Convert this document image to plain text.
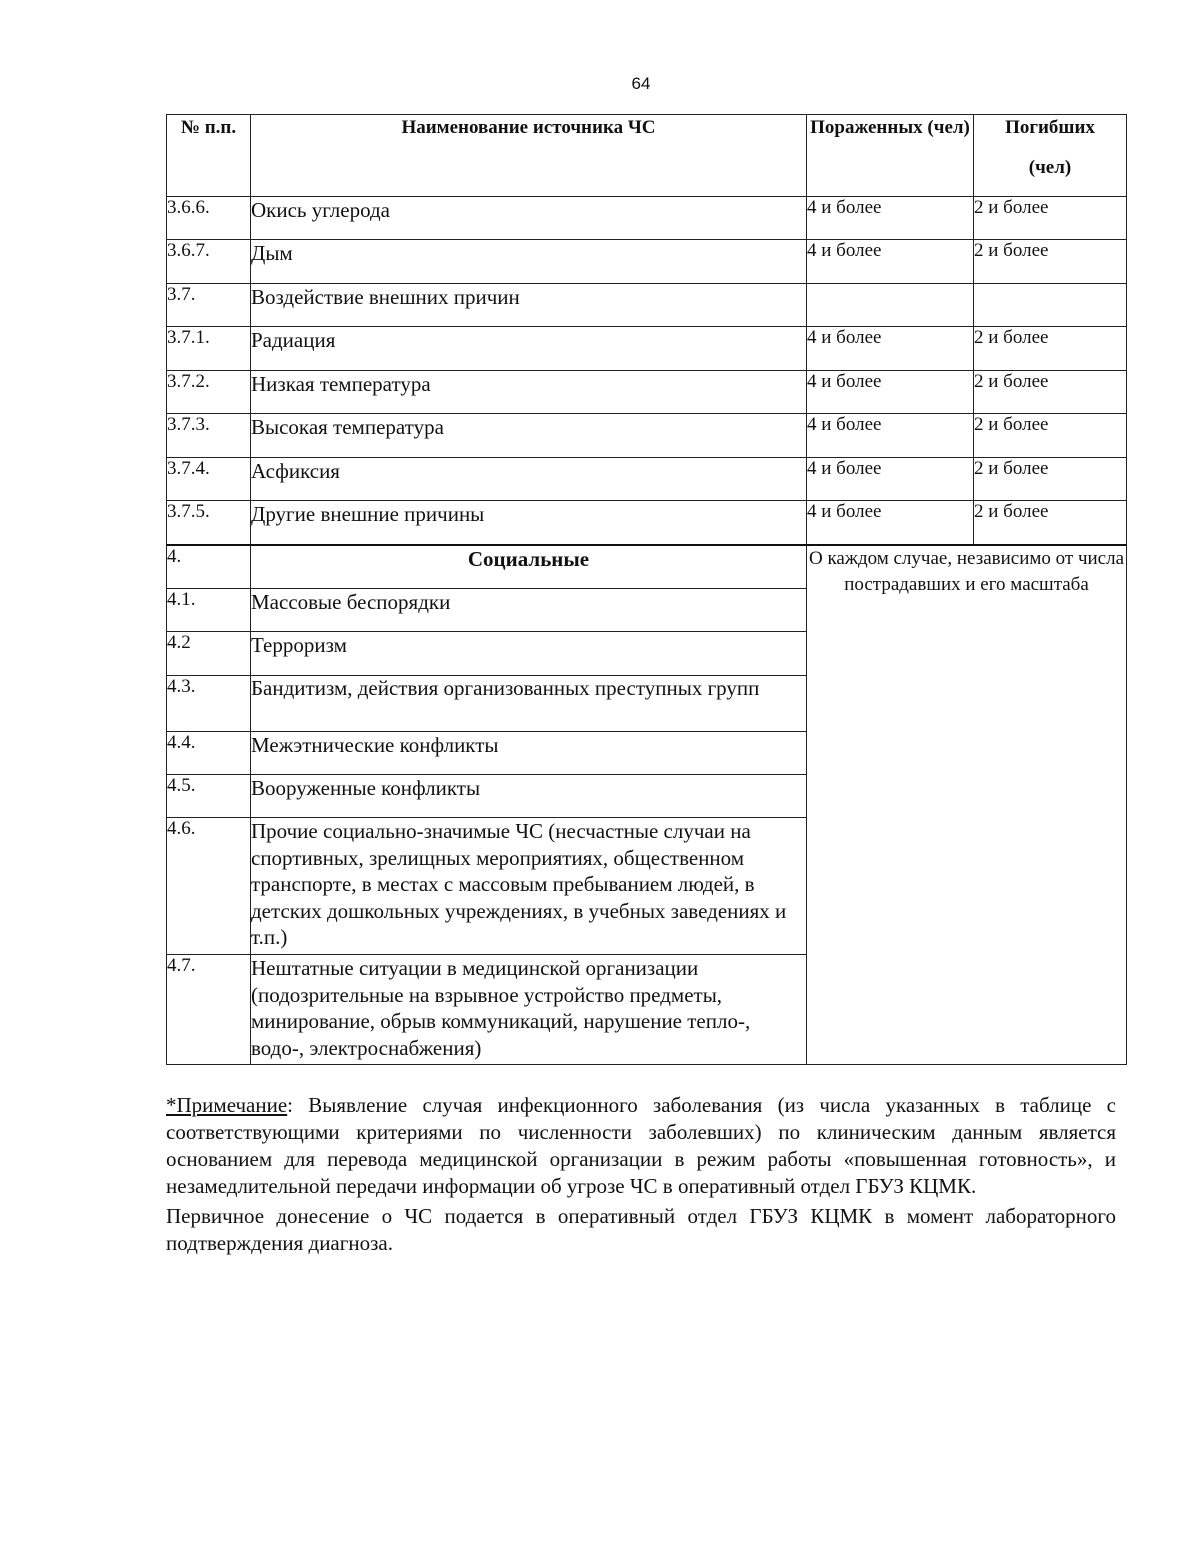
64
№ п.п.	Наименование источника ЧС	Пораженных (чел)	Погибших
(чел)

3.6.6.	Окись углерода	4 и более	2 и более
3.6.7.	Дым	4 и более	2 и более
3.7.	Воздействие внешних причин		
3.7.1.	Радиация	4 и более	2 и более
3.7.2.	Низкая температура	4 и более	2 и более
3.7.3.	Высокая температура	4 и более	2 и более
3.7.4.	Асфиксия	4 и более	2 и более
3.7.5.	Другие внешние причины	4 и более	2 и более
4.	Социальные	О каждом случае, независимо от числа пострадавших и его масштаба	
4.1.	Массовые беспорядки		
4.2	Терроризм		
4.3.	Бандитизм, действия организованных преступных групп		
4.4.	Межэтнические конфликты		
4.5.	Вооруженные конфликты		
4.6.	Прочие социально-значимые ЧС (несчастные случаи на спортивных, зрелищных мероприятиях, общественном транспорте, в местах с массовым пребыванием людей, в детских дошкольных учреждениях, в учебных заведениях и т.п.)		
4.7.	Нештатные ситуации в медицинской организации (подозрительные на взрывное устройство предметы, минирование, обрыв коммуникаций, нарушение тепло-, водо-, электроснабжения)		

*Примечание: Выявление случая инфекционного заболевания (из числа указанных в таблице с соответствующими критериями по численности заболевших) по клиническим данным является основанием для перевода медицинской организации в режим работы «повышенная готовность», и незамедлительной передачи информации об угрозе ЧС в оперативный отдел ГБУЗ КЦМК.

Первичное донесение о ЧС подается в оперативный отдел ГБУЗ КЦМК в момент лабораторного подтверждения диагноза.
